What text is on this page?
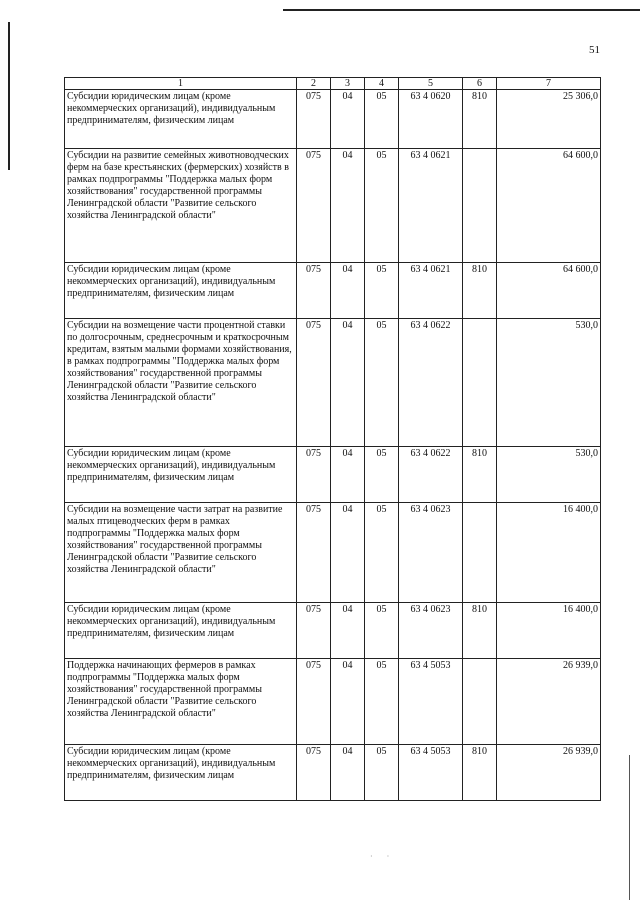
51
1	2	3	4	5	6	7
Субсидии юридическим лицам (кроме некоммерческих организаций), индивидуальным предпринимателям, физическим лицам	075	04	05	63 4 0620	810	25 306,0
Субсидии на развитие семейных животноводческих ферм на базе крестьянских (фермерских) хозяйств в рамках подпрограммы "Поддержка малых форм хозяйствования" государственной программы Ленинградской области "Развитие сельского хозяйства Ленинградской области"	075	04	05	63 4 0621		64 600,0
Субсидии юридическим лицам (кроме некоммерческих организаций), индивидуальным предпринимателям, физическим лицам	075	04	05	63 4 0621	810	64 600,0
Субсидии на возмещение части процентной ставки по долгосрочным, среднесрочным и краткосрочным кредитам, взятым малыми формами хозяйствования, в рамках подпрограммы "Поддержка малых форм хозяйствования" государственной программы Ленинградской области "Развитие сельского хозяйства Ленинградской области"	075	04	05	63 4 0622		530,0
Субсидии юридическим лицам (кроме некоммерческих организаций), индивидуальным предпринимателям, физическим лицам	075	04	05	63 4 0622	810	530,0
Субсидии на возмещение части затрат на развитие малых птицеводческих ферм в рамках подпрограммы "Поддержка малых форм хозяйствования" государственной программы Ленинградской области "Развитие сельского хозяйства Ленинградской области"	075	04	05	63 4 0623		16 400,0
Субсидии юридическим лицам (кроме некоммерческих организаций), индивидуальным предпринимателям, физическим лицам	075	04	05	63 4 0623	810	16 400,0
Поддержка начинающих фермеров в рамках подпрограммы "Поддержка малых форм хозяйствования" государственной программы Ленинградской области "Развитие сельского хозяйства Ленинградской области"	075	04	05	63 4 5053		26 939,0
Субсидии юридическим лицам (кроме некоммерческих организаций), индивидуальным предпринимателям, физическим лицам	075	04	05	63 4 5053	810	26 939,0
· ·
